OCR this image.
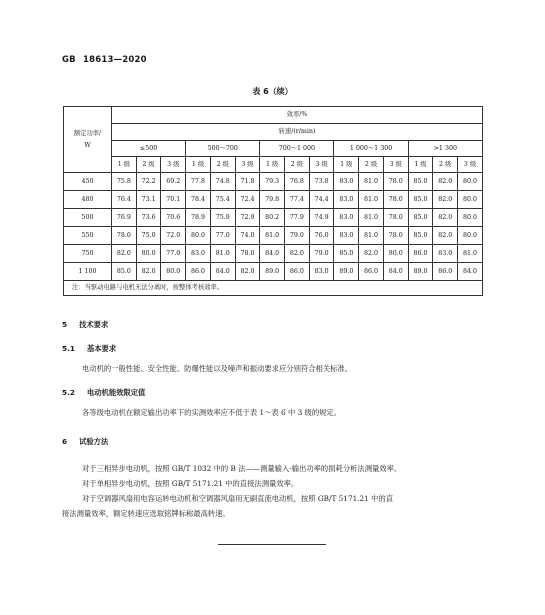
GB 18613—2020
表 6（续）
额定功率/
W	效率/%														
	转速/(r/min)														
	≤500			500～700			700～1 000			1 000～1 300			>1 300		
	1 级	2 级	3 级	1 级	2 级	3 级	1 级	2 级	3 级	1 级	2 级	3 级	1 级	2 级	3 级
450	75.8	72.2	69.2	77.8	74.8	71.8	79.3	76.8	73.8	83.0	81.0	78.0	85.0	82.0	80.0
480	76.4	73.1	70.1	78.4	75.4	72.4	79.8	77.4	74.4	83.0	81.0	78.0	85.0	82.0	80.0
500	76.9	73.6	70.6	78.9	75.9	72.9	80.2	77.9	74.9	83.0	81.0	78.0	85.0	82.0	80.0
550	78.0	75.0	72.0	80.0	77.0	74.0	81.0	79.0	76.0	83.0	81.0	78.0	85.0	82.0	80.0
750	82.0	80.0	77.0	83.0	81.0	78.0	84.0	82.0	79.0	85.0	82.0	80.0	86.0	83.0	81.0
1 100	85.0	82.0	80.0	86.0	84.0	82.0	89.0	86.0	83.0	89.0	86.0	84.0	89.0	86.0	84.0
注：当驱动电路与电机无法分离时，按整体考核效率。															
5 技术要求
5.1 基本要求
电动机的一般性能、安全性能、防爆性能以及噪声和振动要求应分别符合相关标准。
5.2 电动机能效限定值
各等级电动机在额定输出功率下的实测效率应不低于表 1～表 6 中 3 级的规定。
6 试验方法
对于三相异步电动机，按照 GB/T 1032 中的 B 法——测量输入-输出功率的损耗分析法测量效率。
对于单相异步电动机，按照 GB/T 5171.21 中的直接法测量效率。
对于空调器风扇用电容运转电动机和空调器风扇用无刷直流电动机，按照 GB/T 5171.21 中的直
接法测量效率，额定转速应选取铭牌标称最高转速。
